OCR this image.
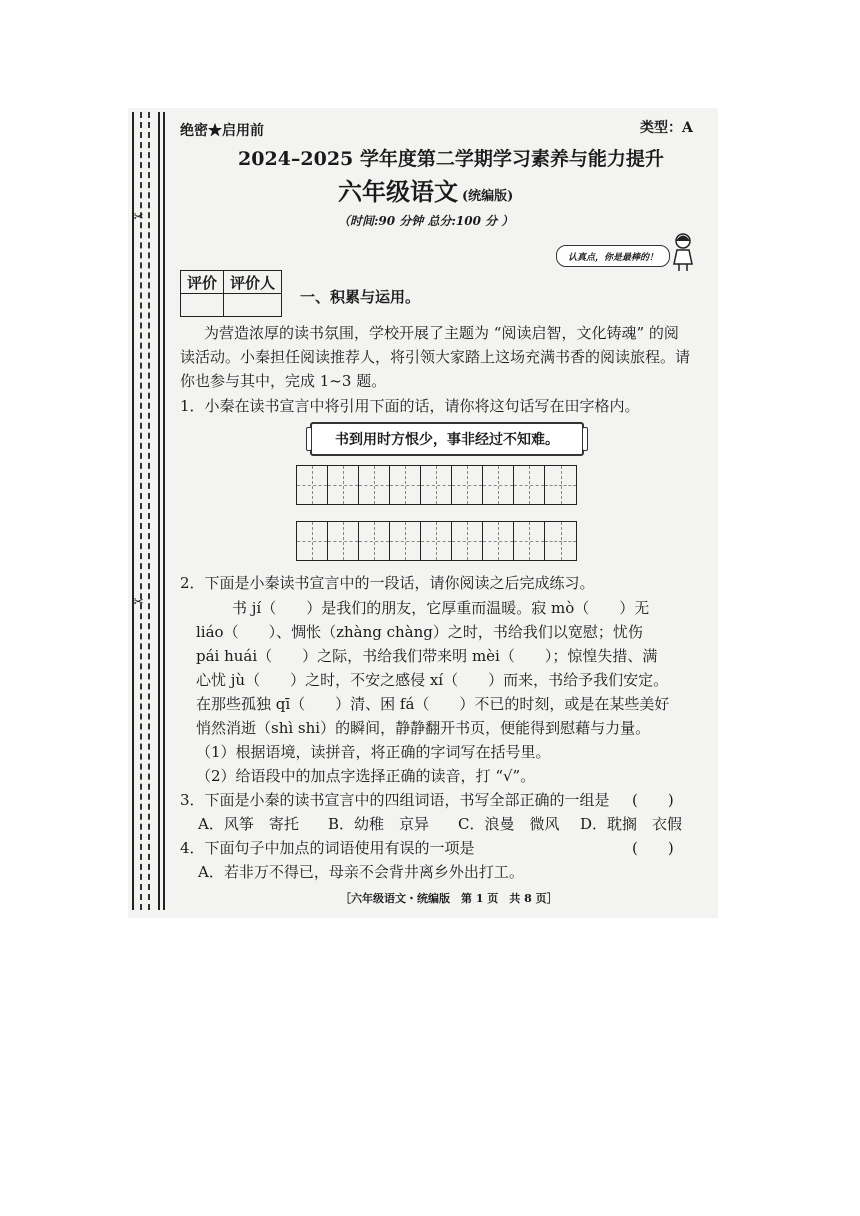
✂
✂
绝密★启用前	类型：A
2024–2025 学年度第二学期学习素养与能力提升
六年级语文 (统编版)
（时间:90 分钟 总分:100 分 ）
认真点，你是最棒的！
评价	评价人

一、积累与运用。
为营造浓厚的读书氛围，学校开展了主题为 “阅读启智，文化铸魂” 的阅
读活动。小秦担任阅读推荐人，将引领大家踏上这场充满书香的阅读旅程。请
你也参与其中，完成 1~3 题。
1．小秦在读书宣言中将引用下面的话，请你将这句话写在田字格内。
书到用时方恨少，事非经过不知难。
2．下面是小秦读书宣言中的一段话，请你阅读之后完成练习。
书 jí（　　）是我们的朋友，它厚重而温暖。寂 mò（　　）无
liáo（　　）、惆怅（zhàng chàng）之时，书给我们以宽慰；忧伤
pái huái（　　）之际，书给我们带来明 mèi（　　）；惊惶失措、满
心忧 jù（　　）之时，不安之感侵 xí（　　）而来，书给予我们安定。
在那些孤独 qī（　　）清、困 fá（　　）不已的时刻，或是在某些美好
悄然消逝（shì shi）的瞬间，静静翻开书页，便能得到慰藉与力量。
（1）根据语境，读拼音，将正确的字词写在括号里。
（2）给语段中的加点字选择正确的读音，打 “√”。
3．下面是小秦的读书宣言中的四组词语，书写全部正确的一组是 (　　)
A．风筝　寄托 B．幼稚　京异 C．浪曼　微风 D．耽搁　衣假
4．下面句子中加点的词语使用有误的一项是	(　　)
A．若非万不得已，母亲不会背井离乡外出打工。
［六年级语文・统编版　第 1 页　共 8 页］
